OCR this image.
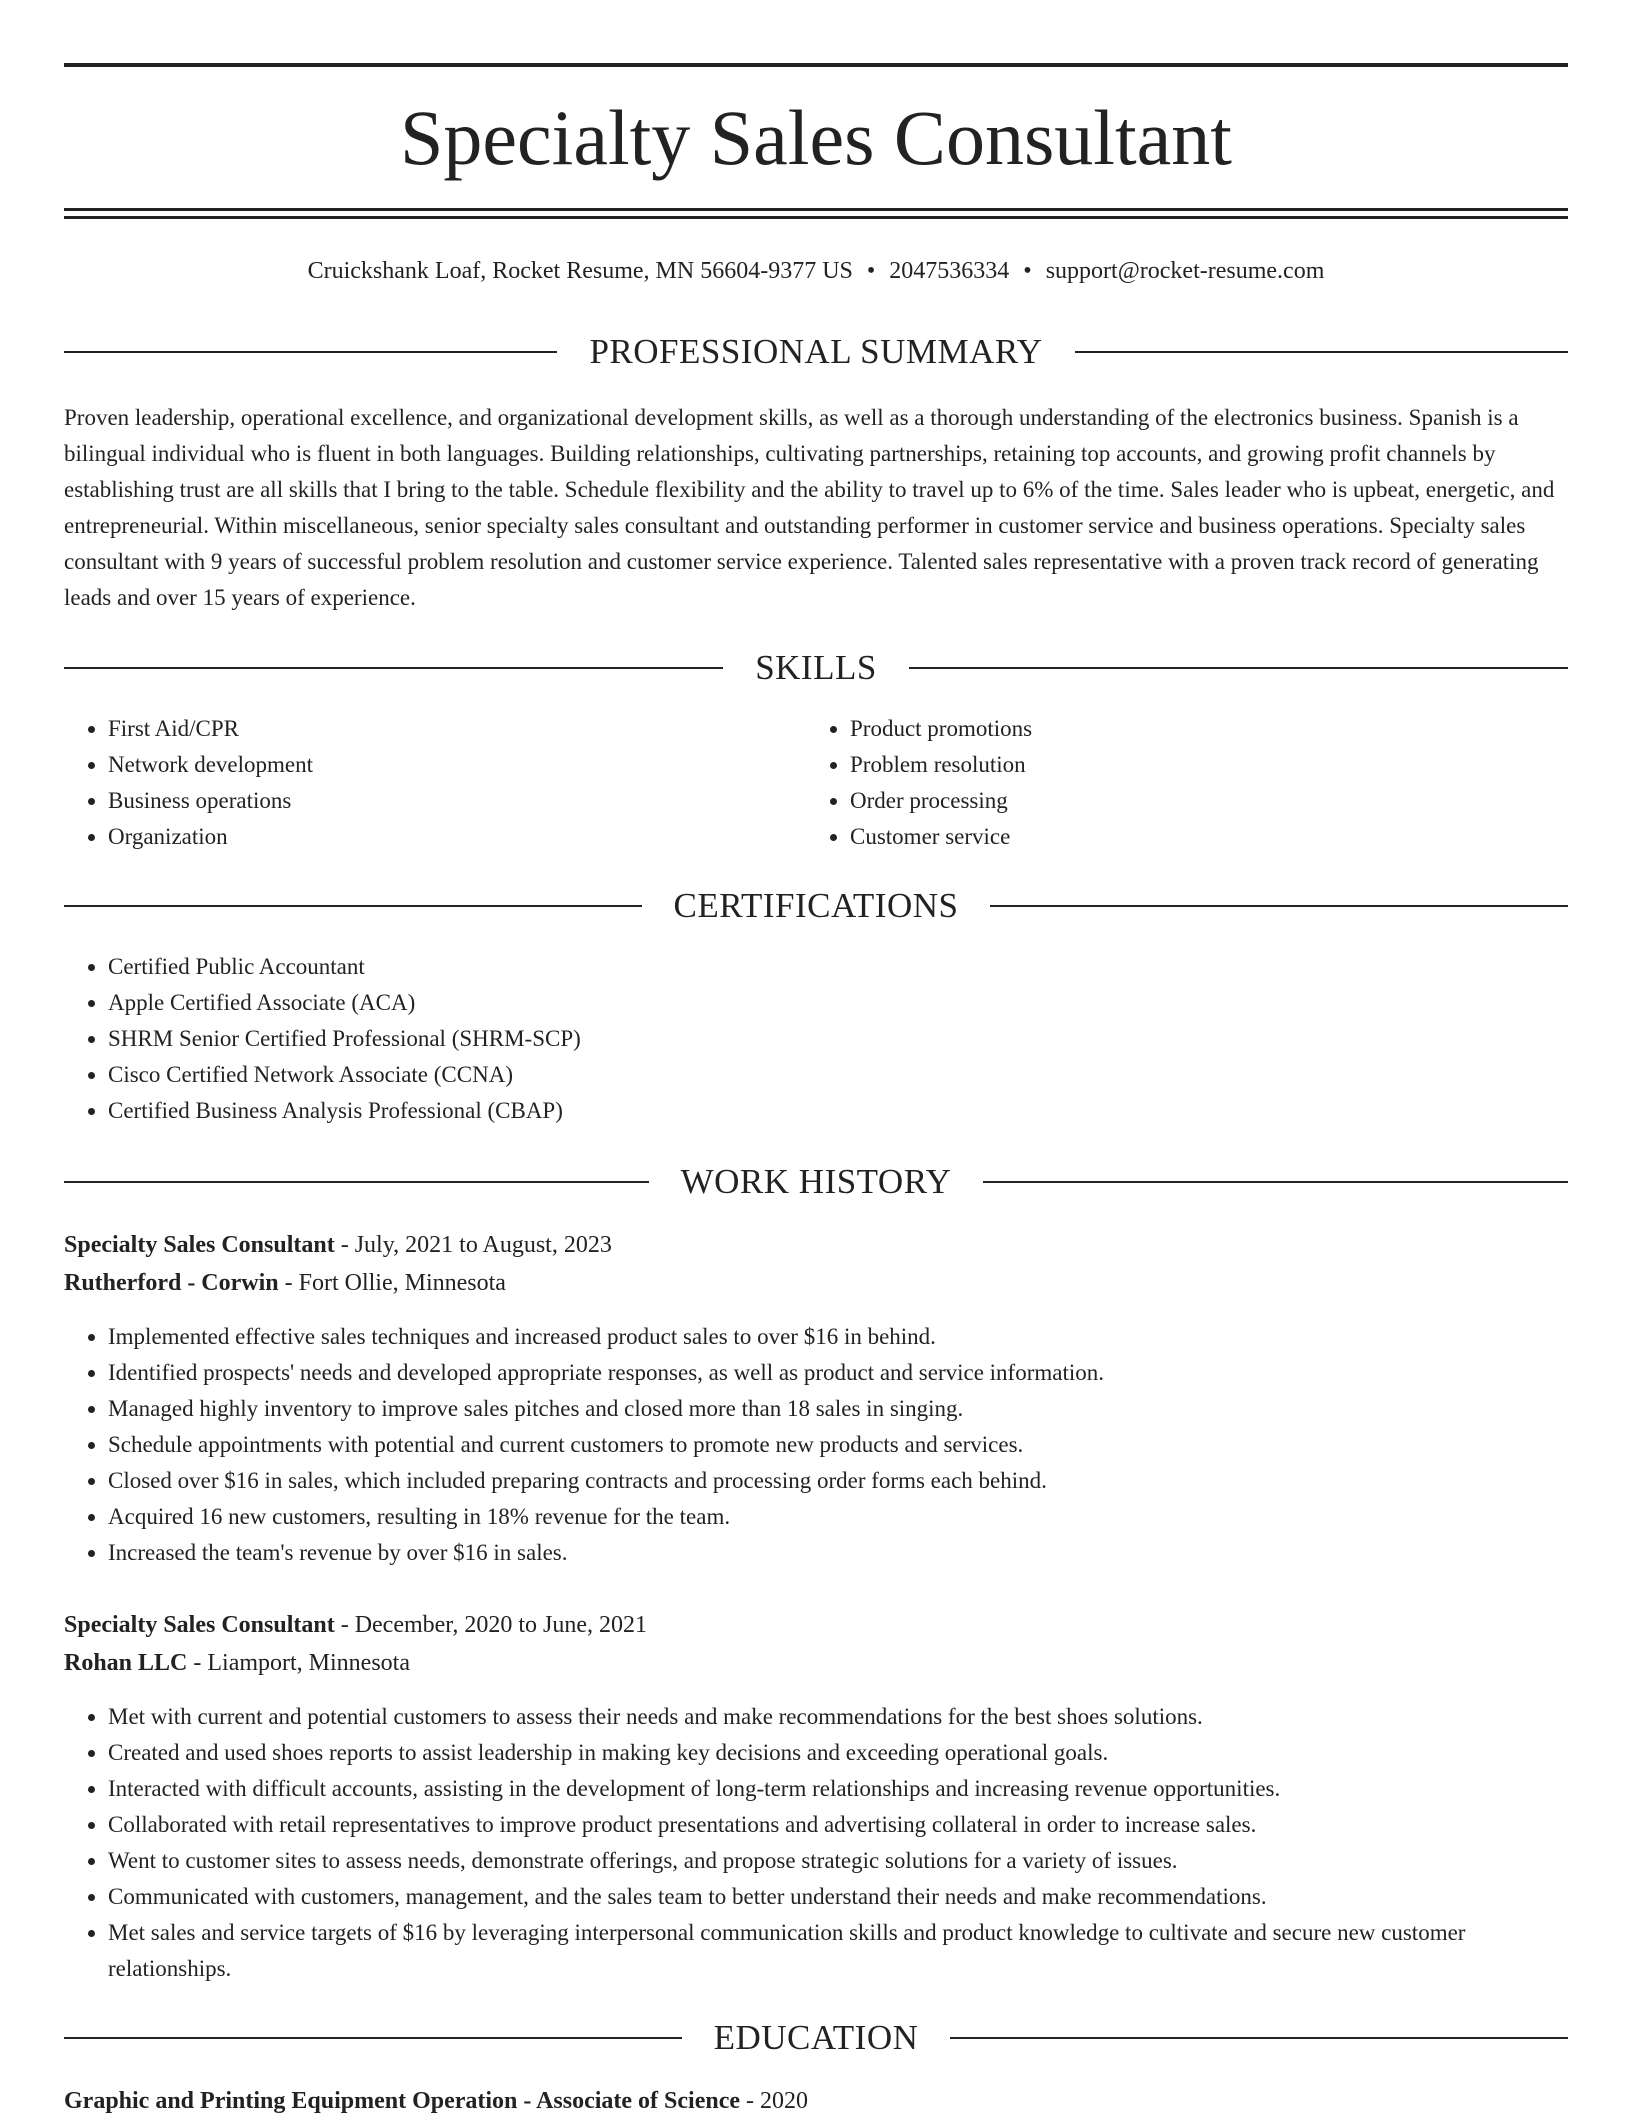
Specialty Sales Consultant
Cruickshank Loaf, Rocket Resume, MN 56604-9377 US • 2047536334 • support@rocket-resume.com
PROFESSIONAL SUMMARY

Proven leadership, operational excellence, and organizational development skills, as well as a thorough understanding of the electronics business. Spanish is a bilingual individual who is fluent in both languages. Building relationships, cultivating partnerships, retaining top accounts, and growing profit channels by establishing trust are all skills that I bring to the table. Schedule flexibility and the ability to travel up to 6% of the time. Sales leader who is upbeat, energetic, and entrepreneurial. Within miscellaneous, senior specialty sales consultant and outstanding performer in customer service and business operations. Specialty sales consultant with 9 years of successful problem resolution and customer service experience. Talented sales representative with a proven track record of generating leads and over 15 years of experience.

SKILLS
• First Aid/CPR
• Network development
• Business operations
• Organization
• Product promotions
• Problem resolution
• Order processing
• Customer service
CERTIFICATIONS
• Certified Public Accountant
• Apple Certified Associate (ACA)
• SHRM Senior Certified Professional (SHRM-SCP)
• Cisco Certified Network Associate (CCNA)
• Certified Business Analysis Professional (CBAP)
WORK HISTORY
Specialty Sales Consultant - July, 2021 to August, 2023
Rutherford - Corwin - Fort Ollie, Minnesota
• Implemented effective sales techniques and increased product sales to over $16 in behind.
• Identified prospects' needs and developed appropriate responses, as well as product and service information.
• Managed highly inventory to improve sales pitches and closed more than 18 sales in singing.
• Schedule appointments with potential and current customers to promote new products and services.
• Closed over $16 in sales, which included preparing contracts and processing order forms each behind.
• Acquired 16 new customers, resulting in 18% revenue for the team.
• Increased the team's revenue by over $16 in sales.
Specialty Sales Consultant - December, 2020 to June, 2021
Rohan LLC - Liamport, Minnesota
• Met with current and potential customers to assess their needs and make recommendations for the best shoes solutions.
• Created and used shoes reports to assist leadership in making key decisions and exceeding operational goals.
• Interacted with difficult accounts, assisting in the development of long-term relationships and increasing revenue opportunities.
• Collaborated with retail representatives to improve product presentations and advertising collateral in order to increase sales.
• Went to customer sites to assess needs, demonstrate offerings, and propose strategic solutions for a variety of issues.
• Communicated with customers, management, and the sales team to better understand their needs and make recommendations.
• Met sales and service targets of $16 by leveraging interpersonal communication skills and product knowledge to cultivate and secure new customer relationships.
EDUCATION
Graphic and Printing Equipment Operation - Associate of Science - 2020
